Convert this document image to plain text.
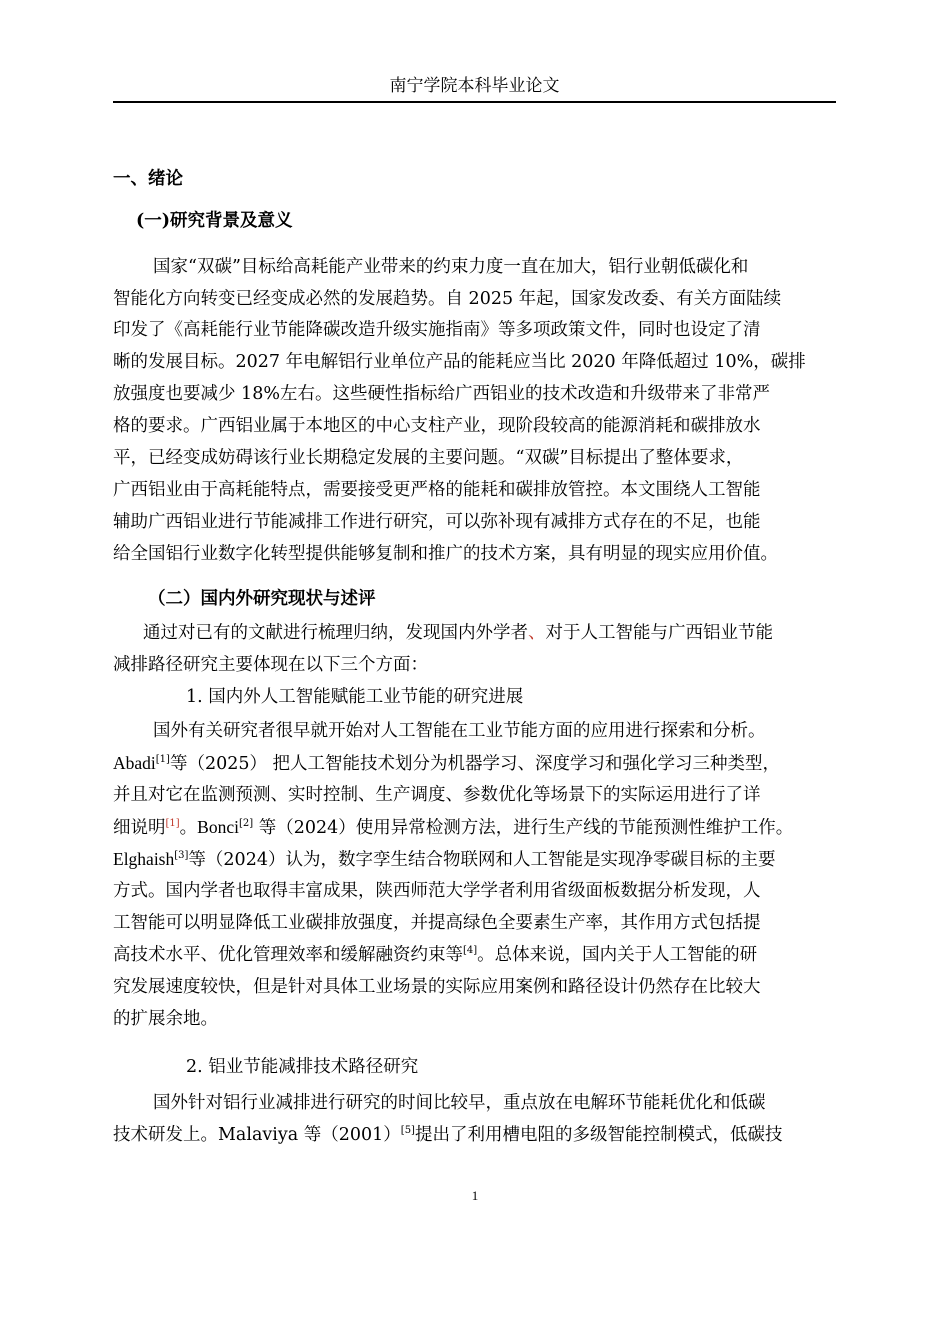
南宁学院本科毕业论文
一、绪论
(一)研究背景及意义
国家“双碳”目标给高耗能产业带来的约束力度一直在加大，铝行业朝低碳化和
智能化方向转变已经变成必然的发展趋势。自 2025 年起，国家发改委、有关方面陆续
印发了《高耗能行业节能降碳改造升级实施指南》等多项政策文件，同时也设定了清
晰的发展目标。2027 年电解铝行业单位产品的能耗应当比 2020 年降低超过 10%，碳排
放强度也要减少 18%左右。这些硬性指标给广西铝业的技术改造和升级带来了非常严
格的要求。广西铝业属于本地区的中心支柱产业，现阶段较高的能源消耗和碳排放水
平，已经变成妨碍该行业长期稳定发展的主要问题。“双碳”目标提出了整体要求，
广西铝业由于高耗能特点，需要接受更严格的能耗和碳排放管控。本文围绕人工智能
辅助广西铝业进行节能减排工作进行研究，可以弥补现有减排方式存在的不足，也能
给全国铝行业数字化转型提供能够复制和推广的技术方案，具有明显的现实应用价值。
（二）国内外研究现状与述评
通过对已有的文献进行梳理归纳，发现国内外学者、对于人工智能与广西铝业节能
减排路径研究主要体现在以下三个方面：
1. 国内外人工智能赋能工业节能的研究进展
国外有关研究者很早就开始对人工智能在工业节能方面的应用进行探索和分析。
Abadi[1]等（2025） 把人工智能技术划分为机器学习、深度学习和强化学习三种类型，
并且对它在监测预测、实时控制、生产调度、参数优化等场景下的实际运用进行了详
细说明[1]。Bonci[2] 等（2024）使用异常检测方法，进行生产线的节能预测性维护工作。
Elghaish[3]等（2024）认为，数字孪生结合物联网和人工智能是实现净零碳目标的主要
方式。国内学者也取得丰富成果，陕西师范大学学者利用省级面板数据分析发现，人
工智能可以明显降低工业碳排放强度，并提高绿色全要素生产率，其作用方式包括提
高技术水平、优化管理效率和缓解融资约束等[4]。总体来说，国内关于人工智能的研
究发展速度较快，但是针对具体工业场景的实际应用案例和路径设计仍然存在比较大
的扩展余地。
2. 铝业节能减排技术路径研究
国外针对铝行业减排进行研究的时间比较早，重点放在电解环节能耗优化和低碳
技术研发上。Malaviya 等（2001）[5]提出了利用槽电阻的多级智能控制模式，低碳技
1
